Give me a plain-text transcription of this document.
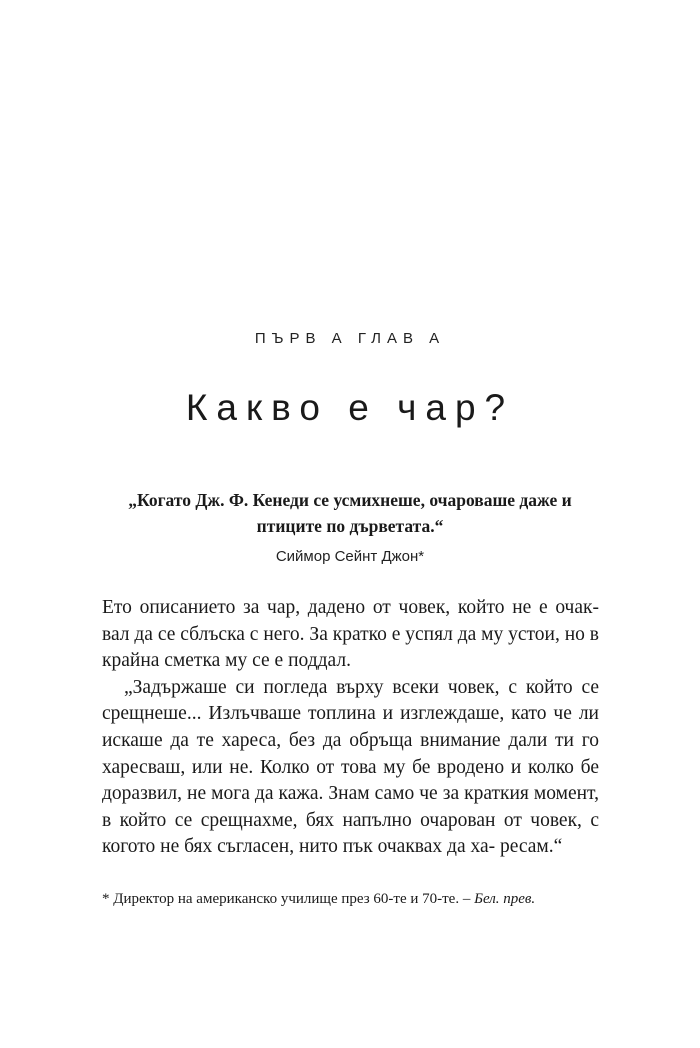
ПЪРВ А ГЛАВ А
Какво е чар?
„Когато Дж. Ф. Кенеди се усмихнеше, очароваше даже и птиците по дърветата.“
Сиймор Сейнт Джон*

Ето описанието за чар, дадено от човек, който не е очак- вал да се сблъска с него. За кратко е успял да му устои, но в крайна сметка му се е поддал.

„Задържаше си погледа върху всеки човек, с който се срещнеше... Излъчваше топлина и изглеждаше, като че ли искаше да те хареса, без да обръща внимание дали ти го харесваш, или не. Колко от това му бе вродено и колко бе доразвил, не мога да кажа. Знам само че за краткия момент, в който се срещнахме, бях напълно очарован от човек, с когото не бях съгласен, нито пък очаквах да ха- ресам.“

* Директор на американско училище през 60-те и 70-те. – Бел. прев.
